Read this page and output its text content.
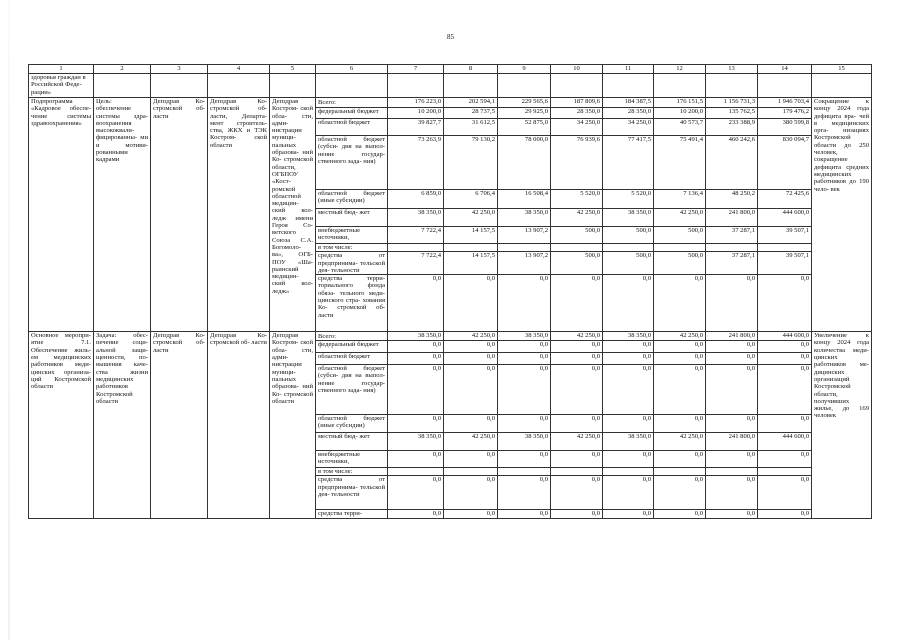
85
1	2	3	4	5	6	7	8	9	10	11	12	13	14	15
здоровья граждан в Российской Феде- рации»														
Подпрограмма «Кадровое обеспе- чение системы здравоохранения»	Цель: обеспечение системы здра- воохранения высококвали- фицированны- ми и мотиви- рованными кадрами	Депздрав Ко- стромской об- ласти	Депздрав Ко- стромской об- ласти, Департа- мент строитель- ства, ЖКХ и ТЭК Костром- ской области	Депздрав Костром- ской обла- сти, адми- нистрации муници- пальных образова- ний Ко- стромской области, ОГБПОУ «Кост- ромской областной медицин- ский кол- ледж имени Героя Со- ветского Союза С.А. Богомоло- ва», ОГБ- ПОУ «Ша- рьинский медицин- ский кол- ледж»	Всего:	176 223,0	202 594,1	229 565,6	187 809,6	184 387,5	176 151,5	1 156 731,3	1 946 703,4	Сокращение к концу 2024 года дефицита вра- чей в медицинских орга- низациях Костромской области до 250 человек, сокращение дефицита средних медицинских работников до 190 чело- век
					федеральный бюджет	10 200,0	28 737,5	29 925,0	28 350,0	28 350,0	10 200,0	135 762,5	179 476,2	
					областной бюджет	39 827,7	31 612,5	52 875,0	34 250,0	34 250,0	40 573,7	233 388,9	380 599,8	
					областной бюджет (субси- дия на выпол- нение государ- ственного зада- ния)	73 263,9	79 130,2	78 000,0	76 939,6	77 417,5	75 491,4	460 242,6	830 094,7	
					областной бюджет (иные субсидии)	6 859,0	6 706,4	16 508,4	5 520,0	5 520,0	7 136,4	48 250,2	72 425,6	
					местный бюд- жет	38 350,0	42 250,0	38 350,0	42 250,0	38 350,0	42 250,0	241 800,0	444 600,0	
					внебюджетные источники,	7 722,4	14 157,5	13 907,2	500,0	500,0	500,0	37 287,1	39 507,1	
					в том числе:									
					средства от предпринима- тельской дея- тельности	7 722,4	14 157,5	13 907,2	500,0	500,0	500,0	37 287,1	39 507,1	
					средства терри- ториального фонда обяза- тельного меди- цинского стра- хования Ко- стромской об- ласти	0,0	0,0	0,0	0,0	0,0	0,0	0,0	0,0	
Основное меропри- ятие 7.1. Обеспечение жиль- ем медицинских работников меди- цинских организа- ций Костромской области	Задача: обес- печение соци- альной защи- щенности, по- вышения каче- ства жизни медицинских работников Костромской области	Депздрав Ко- стромской об- ласти	Депздрав Ко- стромской об- ласти	Депздрав Костром- ской обла- сти, адми- нистрации муници- пальных образова- ний Ко- стромской области	Всего:	38 350,0	42 250,0	38 350,0	42 250,0	38 350,0	42 250,0	241 800,0	444 600,0	Увеличение к концу 2024 года количества меди- цинских работников ме- дицинских организаций Костромской области, получивших жилье, до 169 человек
					федеральный бюджет	0,0	0,0	0,0	0,0	0,0	0,0	0,0	0,0	
					областной бюджет	0,0	0,0	0,0	0,0	0,0	0,0	0,0	0,0	
					областной бюджет (субси- дия на выпол- нение государ- ственного зада- ния)	0,0	0,0	0,0	0,0	0,0	0,0	0,0	0,0	
					областной бюджет (иные субсидии)	0,0	0,0	0,0	0,0	0,0	0,0	0,0	0,0	
					местный бюд- жет	38 350,0	42 250,0	38 350,0	42 250,0	38 350,0	42 250,0	241 800,0	444 600,0	
					внебюджетные источники,	0,0	0,0	0,0	0,0	0,0	0,0	0,0	0,0	
					в том числе:									
					средства от предпринима- тельской дея- тельности	0,0	0,0	0,0	0,0	0,0	0,0	0,0	0,0	
					средства терри-	0,0	0,0	0,0	0,0	0,0	0,0	0,0	0,0	
